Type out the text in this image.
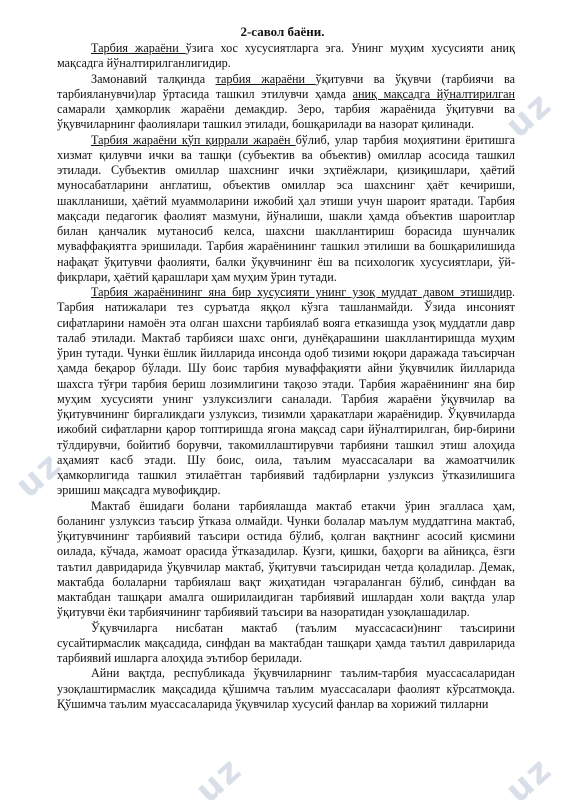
uz
uz
uz	uz
2-савол баёни.

Тарбия жараёни ўзига хос хусусиятларга эга. Унинг муҳим хусусияти аниқ мақсадга йўналтирилганлигидир.

Замонавий талқинда тарбия жараёни ўқитувчи ва ўқувчи (тарбиячи ва тарбияланувчи)лар ўртасида ташкил этилувчи ҳамда аниқ мақсадга йўналтирилган самарали ҳамкорлик жараёни демакдир. Зеро, тарбия жараёнида ўқитувчи ва ўқувчиларнинг фаолиялари ташкил этилади, бошқарилади ва назорат қилинади.

Тарбия жараёни кўп қиррали жараён бўлиб, улар тарбия моҳиятини ёритишга хизмат қилувчи ички ва ташқи (субъектив ва объектив) омиллар асосида ташкил этилади. Субъектив омиллар шахснинг ички эҳтиёжлари, қизиқишлари, ҳаётий муносабатларини англатиш, объектив омиллар эса шахснинг ҳаёт кечириши, шаклланиши, ҳаётий муаммоларини ижобий ҳал этиши учун шароит яратади. Тарбия мақсади педагогик фаолият мазмуни, йўналиши, шакли ҳамда объектив шароитлар билан қанчалик мутаносиб келса, шахсни шакллантириш борасида шунчалик муваффақиятга эришилади. Тарбия жараёнининг ташкил этилиши ва бошқарилишида нафақат ўқитувчи фаолияти, балки ўқувчининг ёш ва психологик хусусиятлари, ўй-фикрлари, ҳаётий қарашлари ҳам муҳим ўрин тутади.

Тарбия жараёнининг яна бир хусусияти унинг узоқ муддат давом этишидир. Тарбия натижалари тез суръатда яққол кўзга ташланмайди. Ўзида инсоният сифатларини намоён эта олган шахсни тарбиялаб вояга етказишда узоқ муддатли давр талаб этилади. Мактаб тарбияси шахс онги, дунёқарашини шакллантиришда муҳим ўрин тутади. Чунки ёшлик йилларида инсонда одоб тизими юқори даражада таъсирчан ҳамда беқарор бўлади. Шу боис тарбия муваффақияти айни ўқувчилик йилларида шахсга тўғри тарбия бериш лозимлигини тақозо этади. Тарбия жараёнининг яна бир муҳим хусусияти унинг узлуксизлиги саналади. Тарбия жараёни ўқувчилар ва ўқитувчининг биргаликдаги узлуксиз, тизимли ҳаракатлари жараёнидир. Ўқувчиларда ижобий сифатларни қарор топтиришда ягона мақсад сари йўналтирилган, бир-бирини тўлдирувчи, бойитиб борувчи, такомиллаштирувчи тарбияни ташкил этиш алоҳида аҳамият касб этади. Шу боис, оила, таълим муассасалари ва жамоатчилик ҳамкорлигида ташкил этилаётган тарбиявий тадбирларни узлуксиз ўтказилишига эришиш мақсадга мувофиқдир.

Мактаб ёшидаги болани тарбиялашда мактаб етакчи ўрин эгаллаcа ҳам, боланинг узлуксиз таъсир ўтказа олмайди. Чунки болалар маълум муддатгина мактаб, ўқитувчининг тарбиявий таъсири остида бўлиб, қолган вақтнинг асосий қисмини оилада, кўчада, жамоат орасида ўтказадилар. Кузги, қишки, баҳорги ва айниқса, ёзги таътил давридарида ўқувчилар мактаб, ўқитувчи таъсиридан четда қоладилар. Демак, мактабда болаларни тарбиялаш вақт жиҳатидан чэгараланган бўлиб, синфдан ва мактабдан ташқари амалга оширилаидиган тарбиявий ишлардан холи вақтда улар ўқитувчи ёки тарбиячининг тарбиявий таъсири ва назоратидан узоқлашадилар.

Ўқувчиларга нисбатан мактаб (таълим муассасаси)нинг таъсирини сусайтирмаслик мақсадида, синфдан ва мактабдан ташқари ҳамда таътил давриларида тарбиявий ишларга алоҳида эътибор берилади.

Айни вақтда, республикада ўқувчиларнинг таълим-тарбия муассасаларидан узоқлаштирмаслик мақсадида қўшимча таълим муассасалари фаолият кўрсатмоқда. Қўшимча таълим муассасаларида ўқувчилар хусусий фанлар ва хорижий тилларни
